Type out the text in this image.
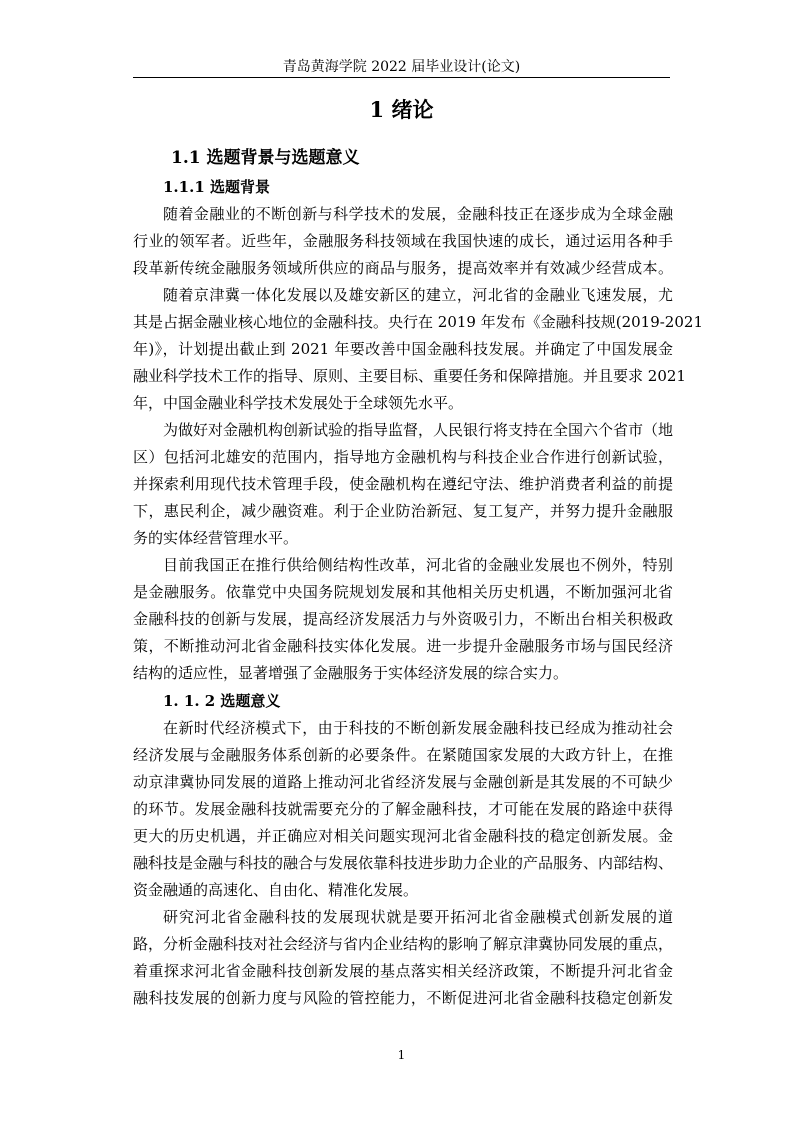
青岛黄海学院 2022 届毕业设计(论文)
1 绪论
1.1 选题背景与选题意义
1.1.1 选题背景
随着金融业的不断创新与科学技术的发展，金融科技正在逐步成为全球金融
行业的领军者。近些年，金融服务科技领域在我国快速的成长，通过运用各种手
段革新传统金融服务领域所供应的商品与服务，提高效率并有效减少经营成本。
随着京津冀一体化发展以及雄安新区的建立，河北省的金融业飞速发展，尤
其是占据金融业核心地位的金融科技。央行在 2019 年发布《金融科技规(2019-2021
年)》，计划提出截止到 2021 年要改善中国金融科技发展。并确定了中国发展金
融业科学技术工作的指导、原则、主要目标、重要任务和保障措施。并且要求 2021
年，中国金融业科学技术发展处于全球领先水平。
为做好对金融机构创新试验的指导监督，人民银行将支持在全国六个省市（地
区）包括河北雄安的范围内，指导地方金融机构与科技企业合作进行创新试验，
并探索利用现代技术管理手段，使金融机构在遵纪守法、维护消费者利益的前提
下，惠民利企，减少融资难。利于企业防治新冠、复工复产，并努力提升金融服
务的实体经营管理水平。
目前我国正在推行供给侧结构性改革，河北省的金融业发展也不例外，特别
是金融服务。依靠党中央国务院规划发展和其他相关历史机遇，不断加强河北省
金融科技的创新与发展，提高经济发展活力与外资吸引力，不断出台相关积极政
策，不断推动河北省金融科技实体化发展。进一步提升金融服务市场与国民经济
结构的适应性，显著增强了金融服务于实体经济发展的综合实力。
1. 1. 2 选题意义
在新时代经济模式下，由于科技的不断创新发展金融科技已经成为推动社会
经济发展与金融服务体系创新的必要条件。在紧随国家发展的大政方针上，在推
动京津冀协同发展的道路上推动河北省经济发展与金融创新是其发展的不可缺少
的环节。发展金融科技就需要充分的了解金融科技，才可能在发展的路途中获得
更大的历史机遇，并正确应对相关问题实现河北省金融科技的稳定创新发展。金
融科技是金融与科技的融合与发展依靠科技进步助力企业的产品服务、内部结构、
资金融通的高速化、自由化、精准化发展。
研究河北省金融科技的发展现状就是要开拓河北省金融模式创新发展的道
路，分析金融科技对社会经济与省内企业结构的影响了解京津冀协同发展的重点，
着重探求河北省金融科技创新发展的基点落实相关经济政策，不断提升河北省金
融科技发展的创新力度与风险的管控能力，不断促进河北省金融科技稳定创新发
1
